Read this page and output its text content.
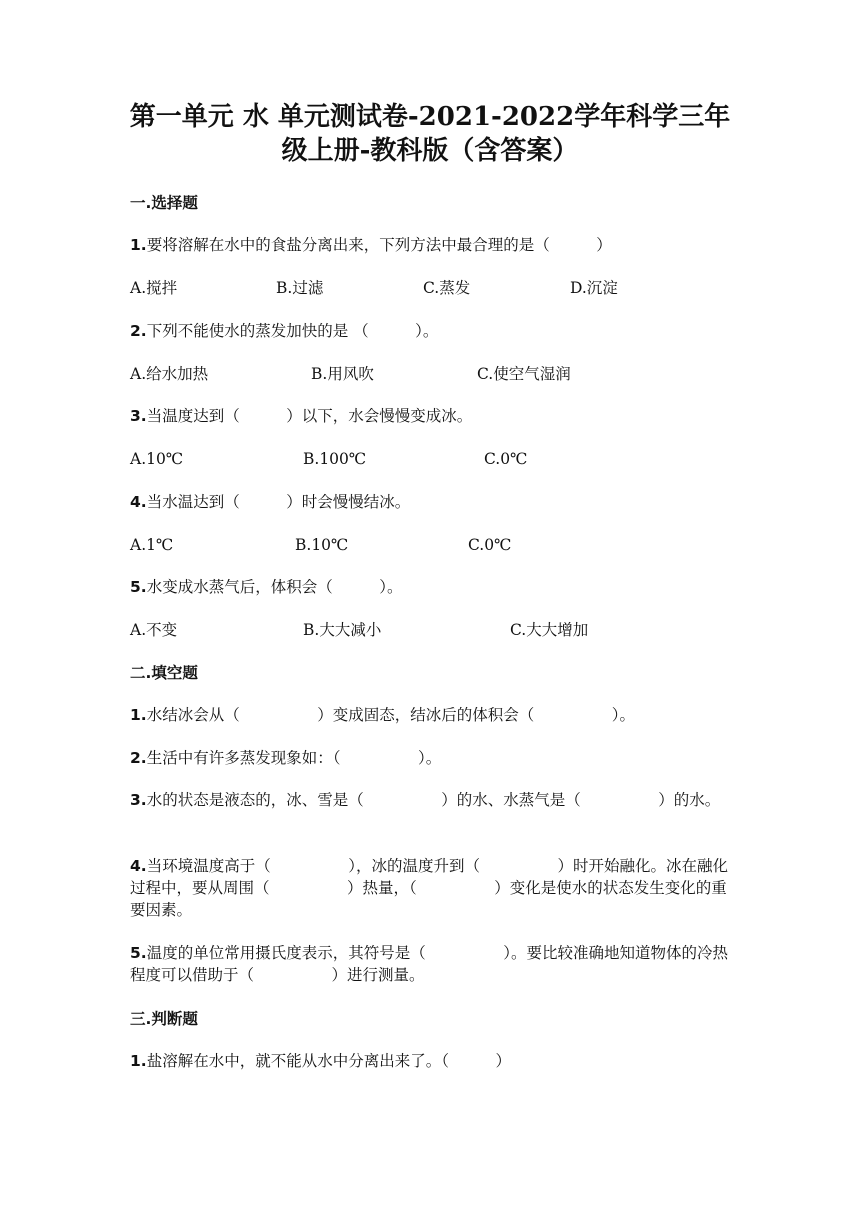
第一单元 水 单元测试卷-2021-2022学年科学三年
级上册-教科版（含答案）
一.选择题
1.要将溶解在水中的食盐分离出来，下列方法中最合理的是（　　　）
A.搅拌	B.过滤	C.蒸发	D.沉淀
2.下列不能使水的蒸发加快的是 （　　　）。
A.给水加热	B.用风吹	C.使空气湿润
3.当温度达到（　　　）以下，水会慢慢变成冰。
A.10℃	B.100℃	C.0℃
4.当水温达到（　　　）时会慢慢结冰。
A.1℃	B.10℃	C.0℃
5.水变成水蒸气后，体积会（　　　）。
A.不变	B.大大减小	C.大大增加
二.填空题
1.水结冰会从（　　　　　）变成固态，结冰后的体积会（　　　　　）。
2.生活中有许多蒸发现象如：（　　　　　）。
3.水的状态是液态的，冰、雪是（　　　　　）的水、水蒸气是（　　　　　）的水。
4.当环境温度高于（　　　　　），冰的温度升到（　　　　　）时开始融化。冰在融化过程中，要从周围（　　　　　）热量，（　　　　　）变化是使水的状态发生变化的重要因素。
5.温度的单位常用摄氏度表示，其符号是（　　　　　）。要比较准确地知道物体的冷热程度可以借助于（　　　　　）进行测量。
三.判断题
1.盐溶解在水中，就不能从水中分离出来了。（　　　）
